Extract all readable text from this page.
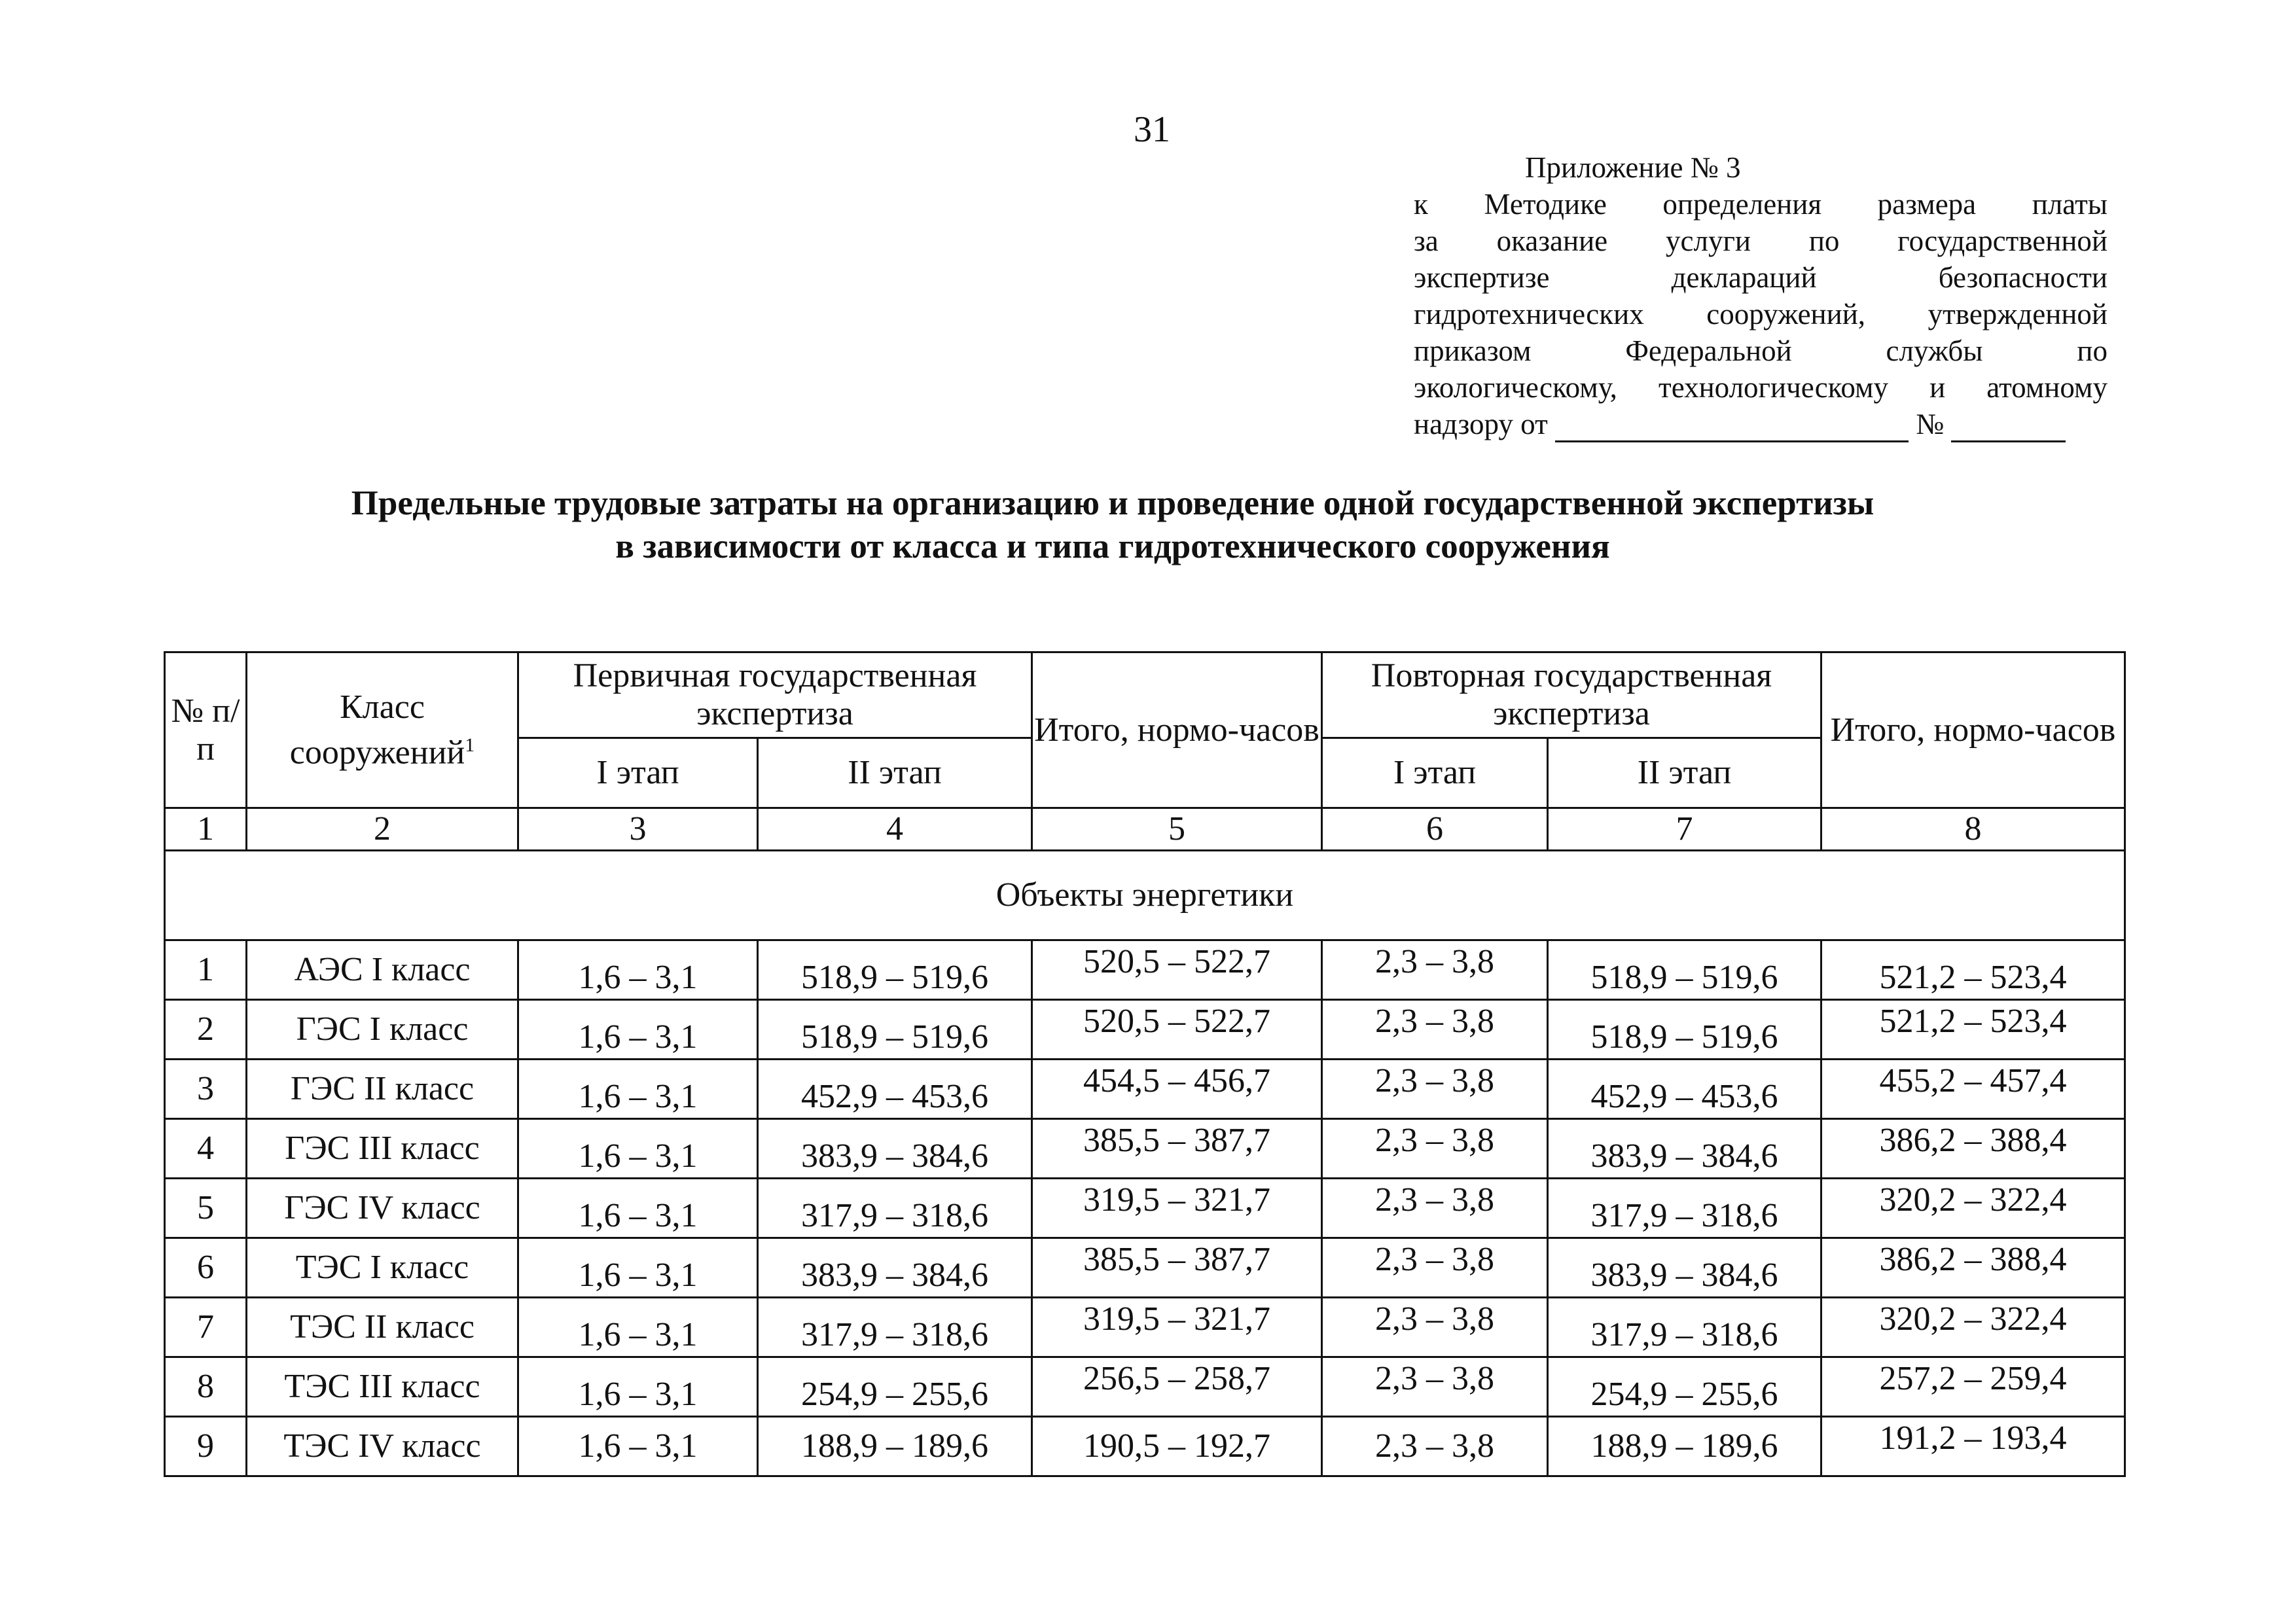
31
Приложение № 3
к Методике определения размера платы
за оказание услуги по государственной
экспертизе деклараций безопасности
гидротехнических сооружений, утвержденной
приказом Федеральной службы по
экологическому, технологическому и атомному
надзору от	№
Предельные трудовые затраты на организацию и проведение одной государственной экспертизы
в зависимости от класса и типа гидротехнического сооружения
№ п/п	Класс сооружений$^1$	Первичная государственная экспертиза		Итого, нормо-часов	Повторная государственная экспертиза		Итого, нормо-часов
		I этап	II этап		I этап	II этап	
1	2	3	4	5	6	7	8
Объекты энергетики							
1	АЭС I класс	1,6 – 3,1	518,9 – 519,6	520,5 – 522,7	2,3 – 3,8	518,9 – 519,6	521,2 – 523,4
2	ГЭС I класс	1,6 – 3,1	518,9 – 519,6	520,5 – 522,7	2,3 – 3,8	518,9 – 519,6	521,2 – 523,4
3	ГЭС II класс	1,6 – 3,1	452,9 – 453,6	454,5 – 456,7	2,3 – 3,8	452,9 – 453,6	455,2 – 457,4
4	ГЭС III класс	1,6 – 3,1	383,9 – 384,6	385,5 – 387,7	2,3 – 3,8	383,9 – 384,6	386,2 – 388,4
5	ГЭС IV класс	1,6 – 3,1	317,9 – 318,6	319,5 – 321,7	2,3 – 3,8	317,9 – 318,6	320,2 – 322,4
6	ТЭС I класс	1,6 – 3,1	383,9 – 384,6	385,5 – 387,7	2,3 – 3,8	383,9 – 384,6	386,2 – 388,4
7	ТЭС II класс	1,6 – 3,1	317,9 – 318,6	319,5 – 321,7	2,3 – 3,8	317,9 – 318,6	320,2 – 322,4
8	ТЭС III класс	1,6 – 3,1	254,9 – 255,6	256,5 – 258,7	2,3 – 3,8	254,9 – 255,6	257,2 – 259,4
9	ТЭС IV класс	1,6 – 3,1	188,9 – 189,6	190,5 – 192,7	2,3 – 3,8	188,9 – 189,6	191,2 – 193,4
